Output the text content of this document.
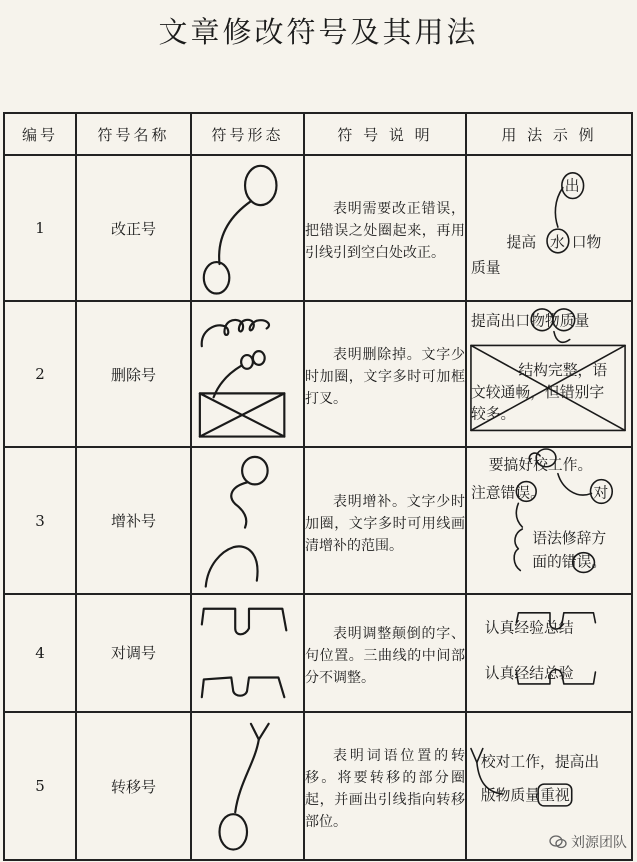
文章修改符号及其用法
编号	符号名称	符号形态	符 号 说 明	用 法 示 例
1	改正号		表明需要改正错误，把错误之处圈起来，再用引线引到空白处改正。	出
提高 水 口物
质量

2	删除号		表明删除掉。文字少时加圈，文字多时可加框打叉。	提高出口物物质量
结构完整，语
文较通畅，但错别字
较多。

3	增补号		表明增补。文字少时加圈，文字多时可用线画清增补的范围。	要搞好校工作。
注意错误。 对
语法修辞方
面的错误。

4	对调号		表明调整颠倒的字、句位置。三曲线的中间部分不调整。	认真经验总结
认真经结总验

5	转移号		表明词语位置的转移。将要转移的部分圈起，并画出引线指向转移部位。	校对工作，提高出
版物质量 重视
刘源团队
